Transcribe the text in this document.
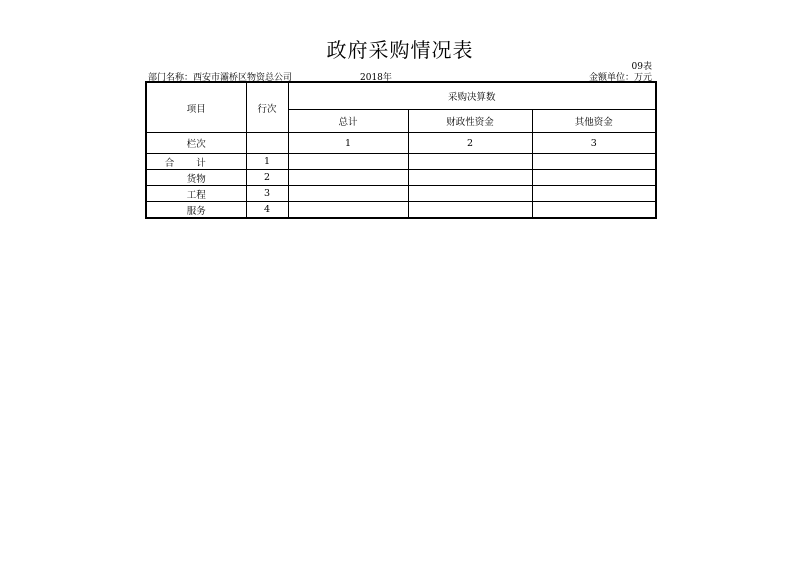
政府采购情况表
09表
部门名称：西安市灞桥区物资总公司	2018年	金额单位：万元
项目	行次	采购决算数		
		总计	财政性资金	其他资金
栏次		1	2	3
合计	1			
货物	2			
工程	3			
服务	4			
